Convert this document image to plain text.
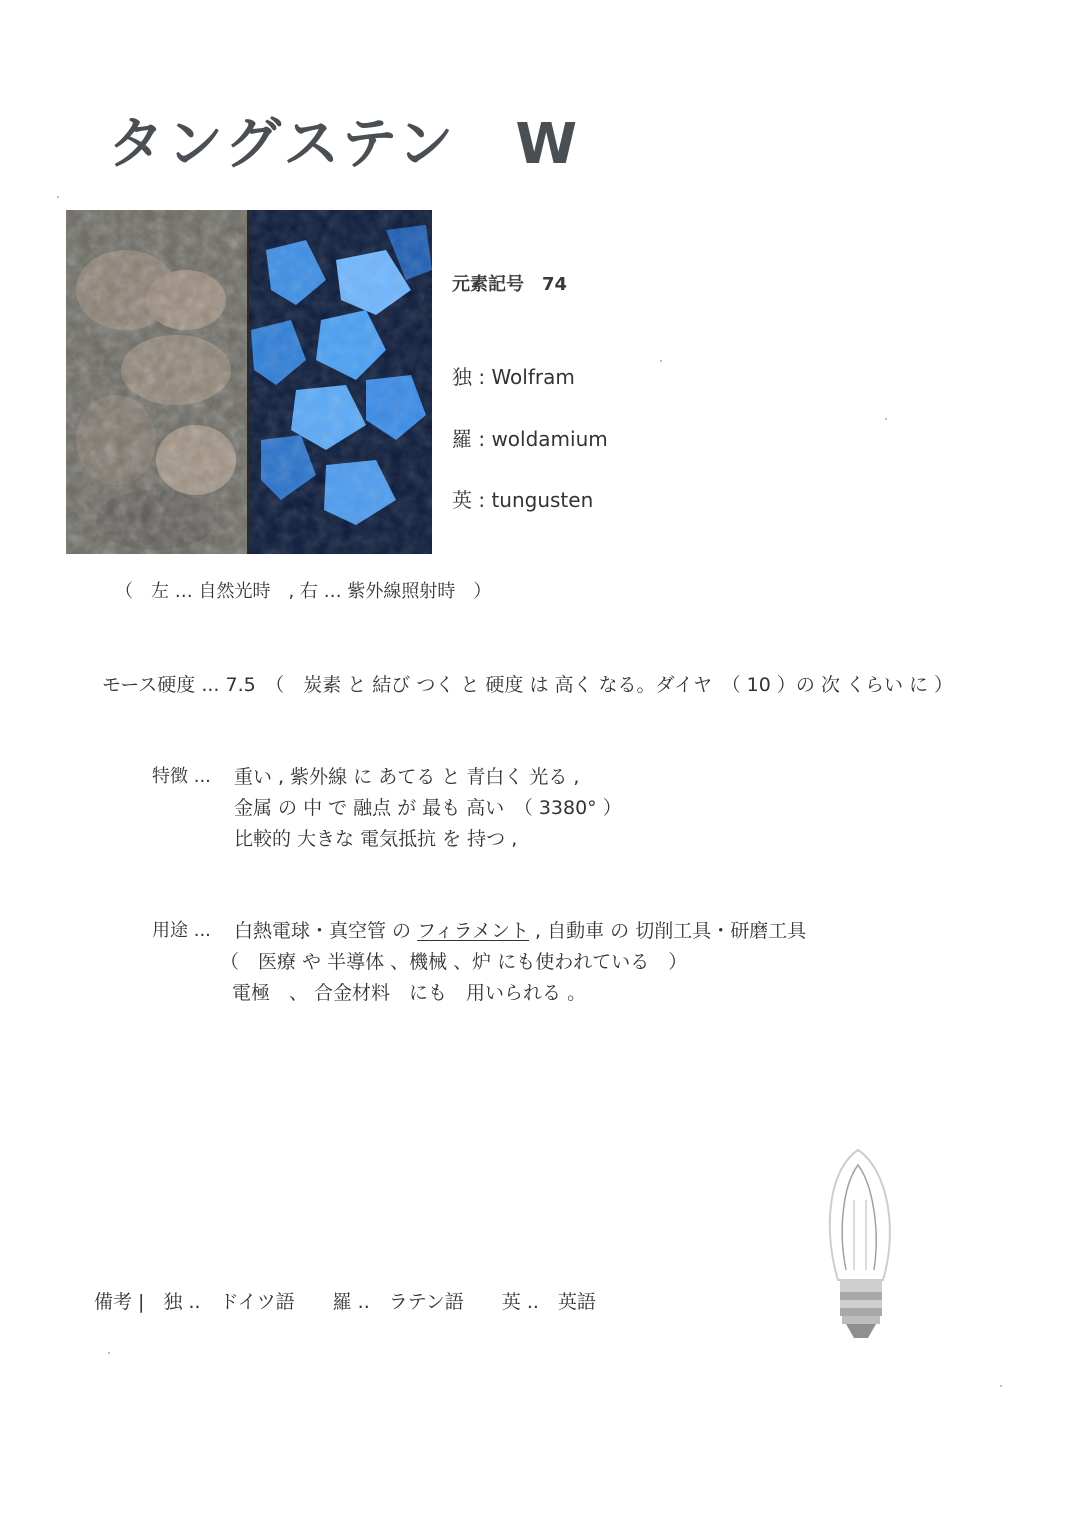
タングステン　W
元素記号　74
独 : Wolfram
羅 : woldamium
英 : tungusten
（　左 … 自然光時　, 右 … 紫外線照射時　）
モース硬度 ... 7.5　（　炭素 と 結び つく と 硬度 は 高く なる。ダイヤ　（ 10 ）の 次 くらい に ）
特徴 ... 重い , 紫外線 に あてる と 青白く 光る ,
金属 の 中 で 融点 が 最も 高い　（ 3380° ）
比較的 大きな 電気抵抗 を 持つ ,
用途 ... 白熱電球・真空管 の フィラメント , 自動車 の 切削工具・研磨工具
（　医療 や 半導体 、機械 、炉 にも使われている　）
電極　、 合金材料　にも　用いられる 。
備考 |　独 ..　ドイツ語　　羅 ..　ラテン語　　英 ..　英語
